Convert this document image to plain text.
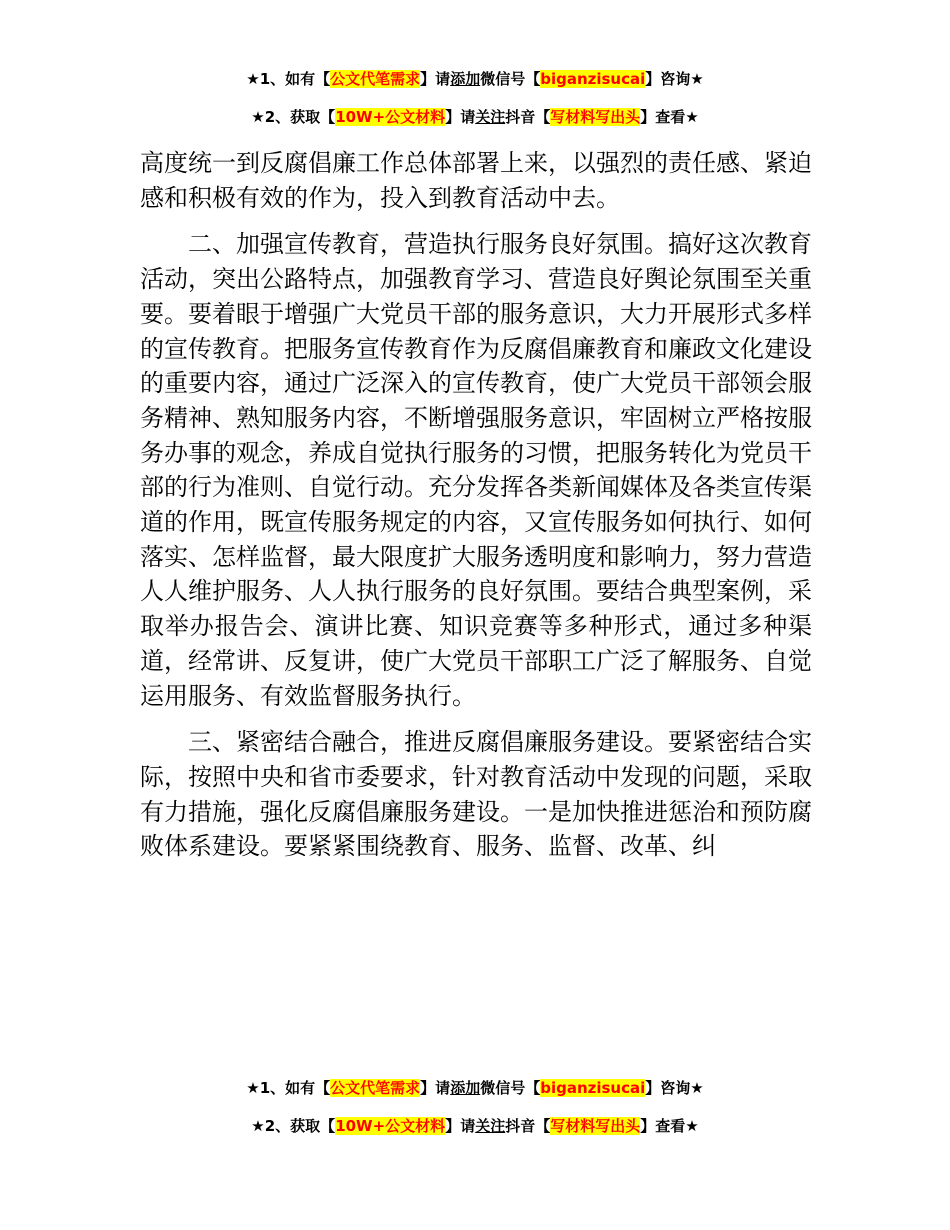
★1、如有【公文代笔需求】请添加微信号【biganzisucai】咨询★
★2、获取【10W+公文材料】请关注抖音【写材料写出头】查看★

高度统一到反腐倡廉工作总体部署上来，以强烈的责任感、紧迫感和积极有效的作为，投入到教育活动中去。

二、加强宣传教育，营造执行服务良好氛围。搞好这次教育活动，突出公路特点，加强教育学习、营造良好舆论氛围至关重要。要着眼于增强广大党员干部的服务意识，大力开展形式多样的宣传教育。把服务宣传教育作为反腐倡廉教育和廉政文化建设的重要内容，通过广泛深入的宣传教育，使广大党员干部领会服务精神、熟知服务内容，不断增强服务意识，牢固树立严格按服务办事的观念，养成自觉执行服务的习惯，把服务转化为党员干部的行为准则、自觉行动。充分发挥各类新闻媒体及各类宣传渠道的作用，既宣传服务规定的内容，又宣传服务如何执行、如何落实、怎样监督，最大限度扩大服务透明度和影响力，努力营造人人维护服务、人人执行服务的良好氛围。要结合典型案例，采取举办报告会、演讲比赛、知识竞赛等多种形式，通过多种渠道，经常讲、反复讲，使广大党员干部职工广泛了解服务、自觉运用服务、有效监督服务执行。

三、紧密结合融合，推进反腐倡廉服务建设。要紧密结合实际，按照中央和省市委要求，针对教育活动中发现的问题，采取有力措施，强化反腐倡廉服务建设。一是加快推进惩治和预防腐败体系建设。要紧紧围绕教育、服务、监督、改革、纠

★1、如有【公文代笔需求】请添加微信号【biganzisucai】咨询★
★2、获取【10W+公文材料】请关注抖音【写材料写出头】查看★
